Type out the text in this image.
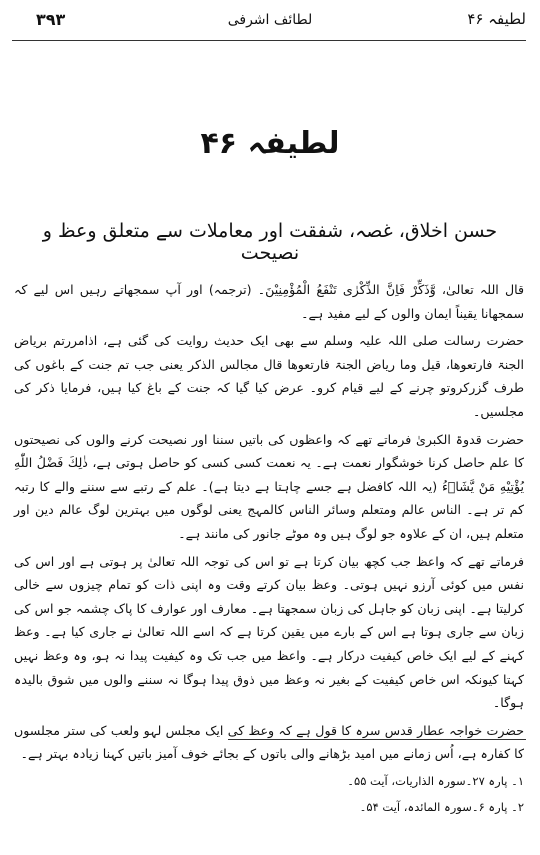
۳۹۳	لطائف اشرفی	لطیفہ ۴۶
لطیفہ ۴۶
حسن اخلاق، غصہ، شفقت اور معاملات سے متعلق وعظ و نصیحت

قال اللہ تعالیٰ، وَّذَكِّرْ فَاِنَّ الذِّكْرٰى تَنْفَعُ الْمُؤْمِنِيْنَ۔ (ترجمہ) اور آپ سمجھاتے رہیں اس لیے کہ سمجھانا یقیناً ایمان والوں کے لیے مفید ہے۔

حضرت رسالت صلی اللہ علیہ وسلم سے بھی ایک حدیث روایت کی گئی ہے، اذامررتم بریاض الجنۃ فارتعوھا، قیل وما ریاض الجنۃ فارتعوھا قال مجالس الذکر یعنی جب تم جنت کے باغوں کی طرف گزرکروتو چرنے کے لیے قیام کرو۔ عرض کیا گیا کہ جنت کے باغ کیا ہیں، فرمایا ذکر کی مجلسیں۔

حضرت قدوۃ الکبریٰ فرماتے تھے کہ واعظوں کی باتیں سننا اور نصیحت کرنے والوں کی نصیحتوں کا علم حاصل کرنا خوشگوار نعمت ہے۔ یہ نعمت کسی کسی کو حاصل ہوتی ہے، ذٰلِكَ فَضْلُ اللّٰهِ يُؤْتِيْهِ مَنْ يَّشَاۤءُ (یہ اللہ کافضل ہے جسے چاہتا ہے دیتا ہے)۔ علم کے رتبے سے سننے والے کا رتبہ کم تر ہے۔ الناس عالم ومتعلم وسائر الناس کالمہج یعنی لوگوں میں بہترین لوگ عالم دین اور متعلم ہیں، ان کے علاوہ جو لوگ ہیں وہ موٹے جانور کی مانند ہے۔

فرماتے تھے کہ واعظ جب کچھ بیان کرتا ہے تو اس کی توجہ اللہ تعالیٰ پر ہوتی ہے اور اس کی نفس میں کوئی آرزو نہیں ہوتی۔ وعظ بیان کرتے وقت وہ اپنی ذات کو تمام چیزوں سے خالی کرلیتا ہے۔ اپنی زبان کو جاہل کی زبان سمجھتا ہے۔ معارف اور عوارف کا پاک چشمہ جو اس کی زبان سے جاری ہوتا ہے اس کے بارے میں یقین کرتا ہے کہ اسے اللہ تعالیٰ نے جاری کیا ہے۔ وعظ کہنے کے لیے ایک خاص کیفیت درکار ہے۔ واعظ میں جب تک وہ کیفیت پیدا نہ ہو، وہ وعظ نہیں کہتا کیونکہ اس خاص کیفیت کے بغیر نہ وعظ میں ذوق پیدا ہوگا نہ سننے والوں میں شوق بالیدہ ہوگا۔

حضرت خواجہ عطار قدس سرہ کا قول ہے کہ وعظ کی ایک مجلس لہو ولعب کی ستر مجلسوں کا کفارہ ہے، اُس زمانے میں امید بڑھانے والی باتوں کے بجائے خوف آمیز باتیں کہنا زیادہ بہتر ہے۔

۱۔ پارہ ۲۷۔سورہ الذاریات، آیت ۵۵۔
۲۔ پارہ ۶۔سورہ المائدہ، آیت ۵۴۔
